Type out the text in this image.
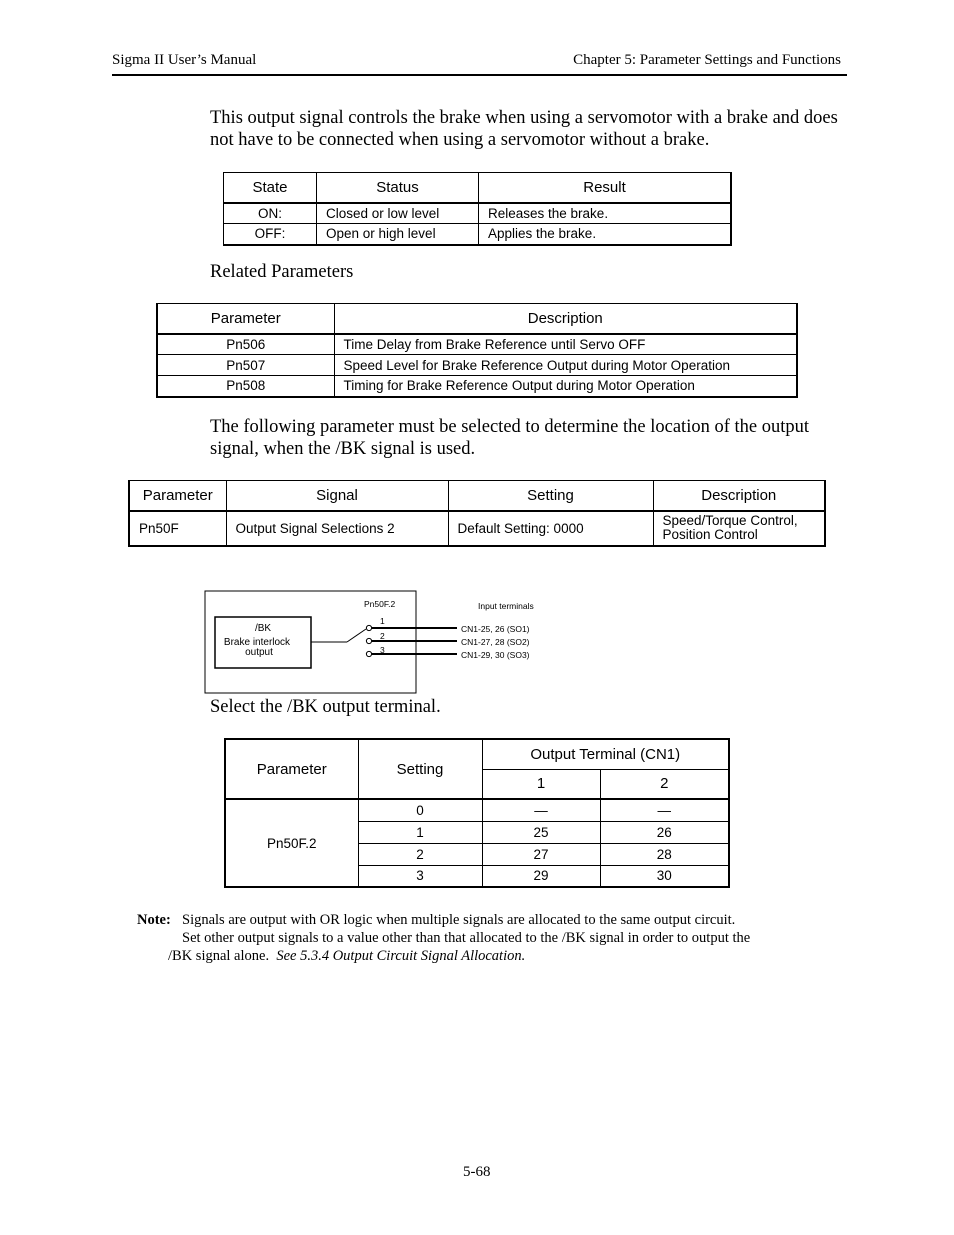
Sigma II User’s Manual	Chapter 5: Parameter Settings and Functions
This output signal controls the brake when using a servomotor with a brake and does
not have to be connected when using a servomotor without a brake.
State	Status	Result
ON:	Closed or low level	Releases the brake.
OFF:	Open or high level	Applies the brake.
Related Parameters
Parameter	Description
Pn506	Time Delay from Brake Reference until Servo OFF
Pn507	Speed Level for Brake Reference Output during Motor Operation
Pn508	Timing for Brake Reference Output during Motor Operation
The following parameter must be selected to determine the location of the output
signal, when the /BK signal is used.
Parameter	Signal	Setting	Description
Pn50F	Output Signal Selections 2	Default Setting: 0000	Speed/Torque Control,
Position Control
/BK
Brake interlock
output
Pn50F.2
1
2
3
Input terminals
CN1-25, 26 (SO1)
CN1-27, 28 (SO2)
CN1-29, 30 (SO3)
Select the /BK output terminal.
Parameter	Setting	Output Terminal (CN1)	
		1	2
Pn50F.2	0	—	—
	1	25	26
	2	27	28
	3	29	30
Note: Signals are output with OR logic when multiple signals are allocated to the same output circuit.
Set other output signals to a value other than that allocated to the /BK signal in order to output the
/BK signal alone.  See 5.3.4 Output Circuit Signal Allocation.
5-68
